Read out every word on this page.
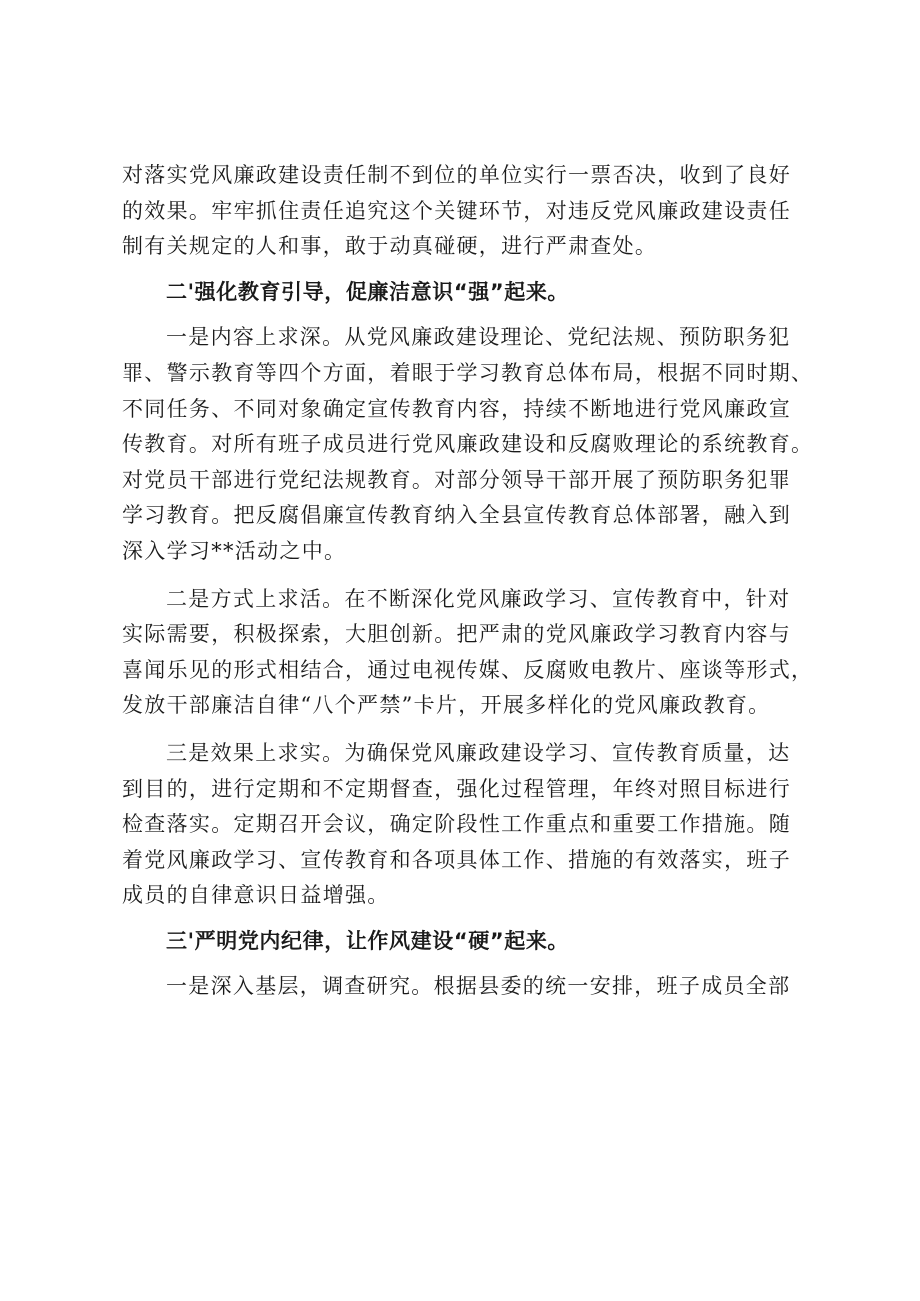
对落实党风廉政建设责任制不到位的单位实行一票否决，收到了良好
的效果。牢牢抓住责任追究这个关键环节，对违反党风廉政建设责任
制有关规定的人和事，敢于动真碰硬，进行严肃查处。
二'强化教育引导，促廉洁意识“强”起来。
一是内容上求深。从党风廉政建设理论、党纪法规、预防职务犯
罪、警示教育等四个方面，着眼于学习教育总体布局，根据不同时期、
不同任务、不同对象确定宣传教育内容，持续不断地进行党风廉政宣
传教育。对所有班子成员进行党风廉政建设和反腐败理论的系统教育。
对党员干部进行党纪法规教育。对部分领导干部开展了预防职务犯罪
学习教育。把反腐倡廉宣传教育纳入全县宣传教育总体部署，融入到
深入学习**活动之中。
二是方式上求活。在不断深化党风廉政学习、宣传教育中，针对
实际需要，积极探索，大胆创新。把严肃的党风廉政学习教育内容与
喜闻乐见的形式相结合，通过电视传媒、反腐败电教片、座谈等形式，
发放干部廉洁自律“八个严禁”卡片，开展多样化的党风廉政教育。
三是效果上求实。为确保党风廉政建设学习、宣传教育质量，达
到目的，进行定期和不定期督查，强化过程管理，年终对照目标进行
检查落实。定期召开会议，确定阶段性工作重点和重要工作措施。随
着党风廉政学习、宣传教育和各项具体工作、措施的有效落实，班子
成员的自律意识日益增强。
三'严明党内纪律，让作风建设“硬”起来。
一是深入基层，调查研究。根据县委的统一安排，班子成员全部
